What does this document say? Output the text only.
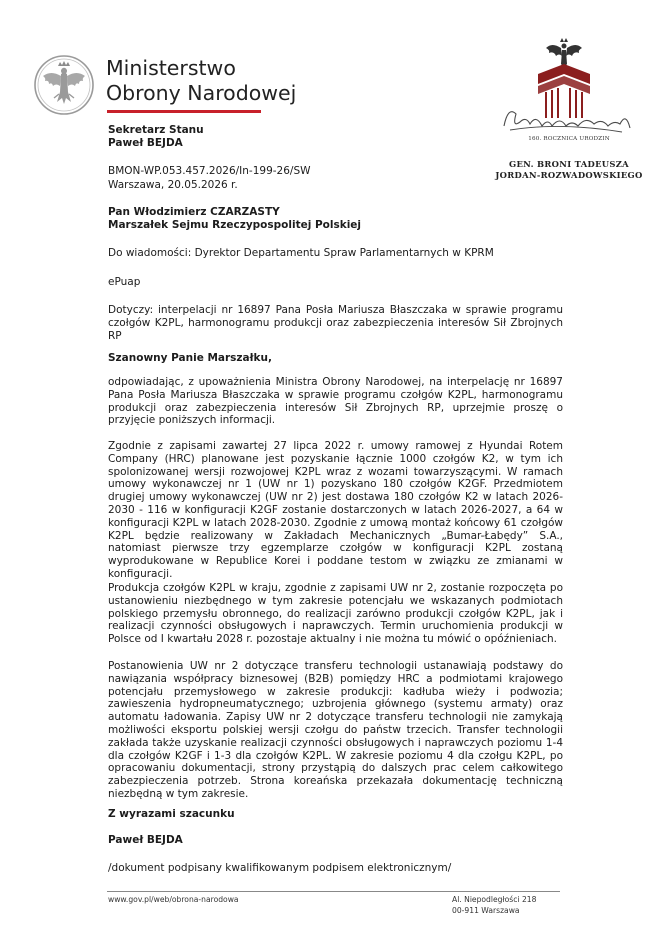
Ministerstwo
Obrony Narodowej
160. ROCZNICA URODZIN
GEN. BRONI TADEUSZA
JORDAN-ROZWADOWSKIEGO
Sekretarz Stanu
Paweł BEJDA
BMON-WP.053.457.2026/In-199-26/SW
Warszawa, 20.05.2026 r.
Pan Włodzimierz CZARZASTY
Marszałek Sejmu Rzeczypospolitej Polskiej
Do wiadomości: Dyrektor Departamentu Spraw Parlamentarnych w KPRM
ePuap
Dotyczy: interpelacji nr 16897 Pana Posła Mariusza Błaszczaka w sprawie programu czołgów K2PL, harmonogramu produkcji oraz zabezpieczenia interesów Sił Zbrojnych RP
Szanowny Panie Marszałku,
odpowiadając, z upoważnienia Ministra Obrony Narodowej, na interpelację nr 16897 Pana Posła Mariusza Błaszczaka w sprawie programu czołgów K2PL, harmonogramu produkcji oraz zabezpieczenia interesów Sił Zbrojnych RP, uprzejmie proszę o przyjęcie poniższych informacji.
Zgodnie z zapisami zawartej 27 lipca 2022 r. umowy ramowej z Hyundai Rotem Company (HRC) planowane jest pozyskanie łącznie 1000 czołgów K2, w tym ich spolonizowanej wersji rozwojowej K2PL wraz z wozami towarzyszącymi. W ramach umowy wykonawczej nr 1 (UW nr 1) pozyskano 180 czołgów K2GF. Przedmiotem drugiej umowy wykonawczej (UW nr 2) jest dostawa 180 czołgów K2 w latach 2026-2030 - 116 w konfiguracji K2GF zostanie dostarczonych w latach 2026-2027, a 64 w konfiguracji K2PL w latach 2028-2030. Zgodnie z umową montaż końcowy 61 czołgów K2PL będzie realizowany w Zakładach Mechanicznych „Bumar-Łabędy” S.A., natomiast pierwsze trzy egzemplarze czołgów w konfiguracji K2PL zostaną wyprodukowane w Republice Korei i poddane testom w związku ze zmianami w konfiguracji.
Produkcja czołgów K2PL w kraju, zgodnie z zapisami UW nr 2, zostanie rozpoczęta po ustanowieniu niezbędnego w tym zakresie potencjału we wskazanych podmiotach polskiego przemysłu obronnego, do realizacji zarówno produkcji czołgów K2PL, jak i realizacji czynności obsługowych i naprawczych. Termin uruchomienia produkcji w Polsce od I kwartału 2028 r. pozostaje aktualny i nie można tu mówić o opóźnieniach.
Postanowienia UW nr 2 dotyczące transferu technologii ustanawiają podstawy do nawiązania współpracy biznesowej (B2B) pomiędzy HRC a podmiotami krajowego potencjału przemysłowego w zakresie produkcji: kadłuba wieży i podwozia; zawieszenia hydropneumatycznego; uzbrojenia głównego (systemu armaty) oraz automatu ładowania. Zapisy UW nr 2 dotyczące transferu technologii nie zamykają możliwości eksportu polskiej wersji czołgu do państw trzecich. Transfer technologii zakłada także uzyskanie realizacji czynności obsługowych i naprawczych poziomu 1-4 dla czołgów K2GF i 1-3 dla czołgów K2PL. W zakresie poziomu 4 dla czołgu K2PL, po opracowaniu dokumentacji, strony przystąpią do dalszych prac celem całkowitego zabezpieczenia potrzeb. Strona koreańska przekazała dokumentację techniczną niezbędną w tym zakresie.
Z wyrazami szacunku
Paweł BEJDA
/dokument podpisany kwalifikowanym podpisem elektronicznym/
www.gov.pl/web/obrona-narodowa	Al. Niepodległości 218
00-911 Warszawa
